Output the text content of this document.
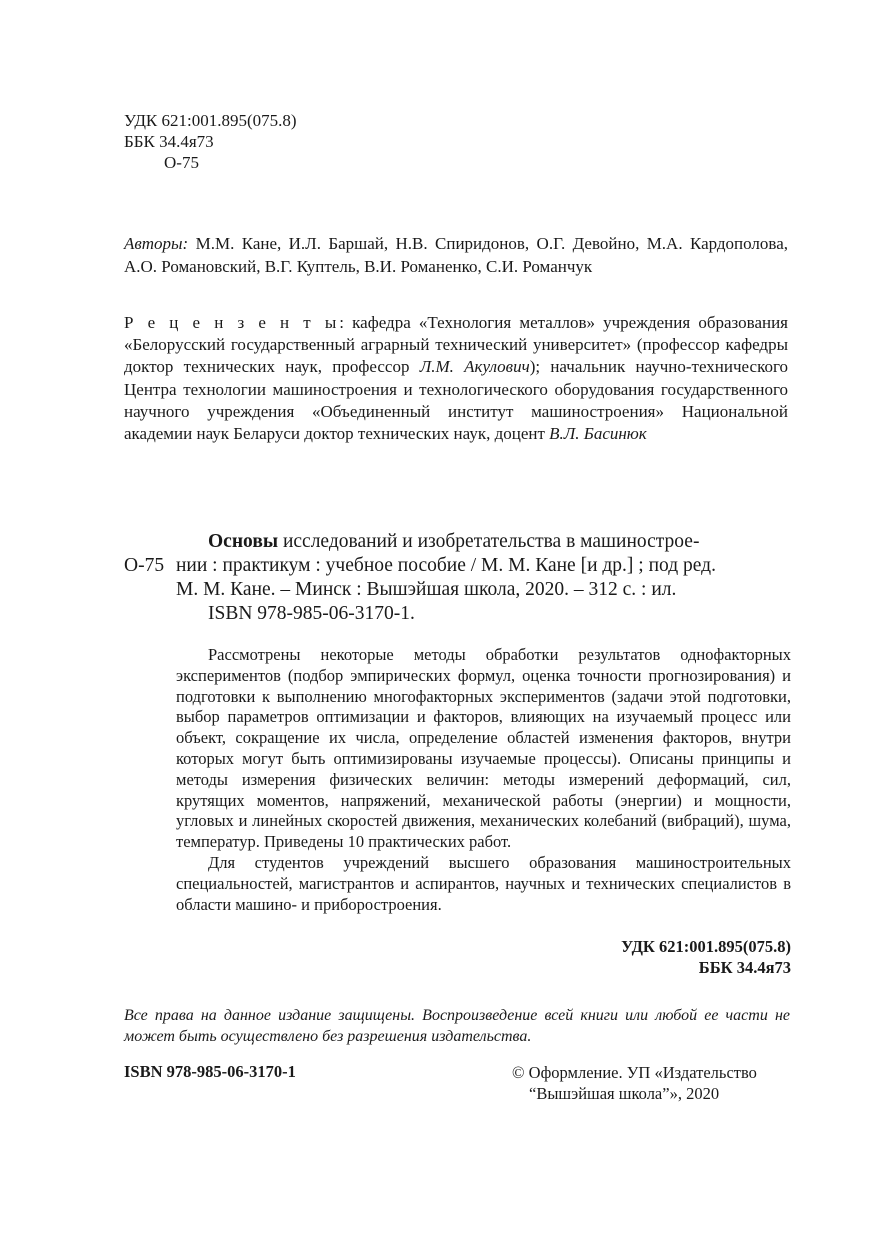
УДК 621:001.895(075.8)
ББК 34.4я73
О-75
Авторы: М.М. Кане, И.Л. Баршай, Н.В. Спиридонов, О.Г. Девойно, М.А. Кардополова, А.О. Романовский, В.Г. Куптель, В.И. Романенко, С.И. Романчук
Р е ц е н з е н т ы: кафедра «Технология металлов» учреждения образования «Белорусский государственный аграрный технический университет» (профессор кафедры доктор технических наук, профессор Л.М. Акулович); начальник научно-технического Центра технологии машиностроения и технологического оборудования государственного научного учреждения «Объединенный институт машиностроения» Национальной академии наук Беларуси доктор технических наук, доцент В.Л. Басинюк
Основы исследований и изобретательства в машинострое-
О-75 нии : практикум : учебное пособие / М. М. Кане [и др.] ; под ред.
М. М. Кане. – Минск : Вышэйшая школа, 2020. – 312 с. : ил.
ISBN 978-985-06-3170-1.

Рассмотрены некоторые методы обработки результатов однофакторных экспериментов (подбор эмпирических формул, оценка точности прогнозирования) и подготовки к выполнению многофакторных экспериментов (задачи этой подготовки, выбор параметров оптимизации и факторов, влияющих на изучаемый процесс или объект, сокращение их числа, определение областей изменения факторов, внутри которых могут быть оптимизированы изучаемые процессы). Описаны принципы и методы измерения физических величин: методы измерений деформаций, сил, крутящих моментов, напряжений, механической работы (энергии) и мощности, угловых и линейных скоростей движения, механических колебаний (вибраций), шума, температур. Приведены 10 практических работ.

Для студентов учреждений высшего образования машиностроительных специальностей, магистрантов и аспирантов, научных и технических специалистов в области машино- и приборостроения.

УДК 621:001.895(075.8)
ББК 34.4я73
Все права на данное издание защищены. Воспроизведение всей книги или любой ее части не может быть осуществлено без разрешения издательства.
ISBN 978-985-06-3170-1	© Оформление. УП «Издательство
“Вышэйшая школа”», 2020
